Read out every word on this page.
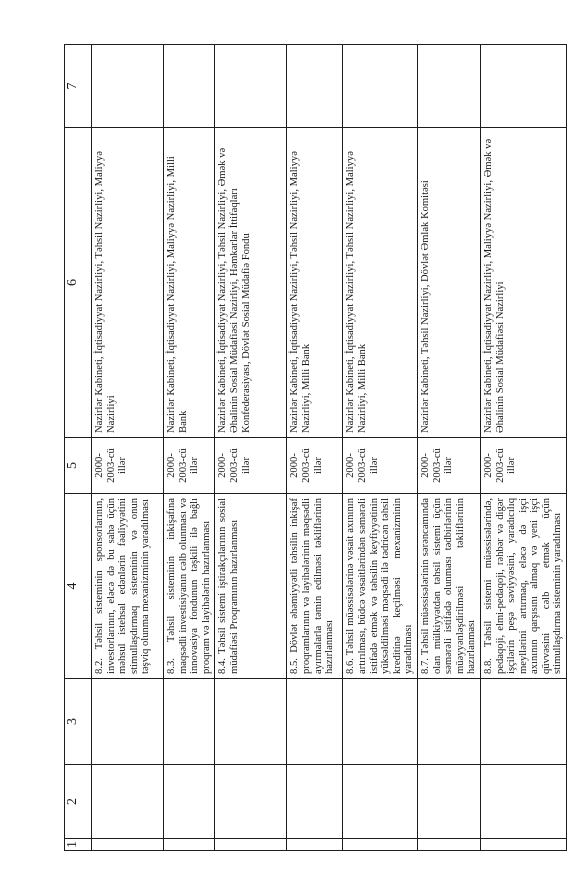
1	2	3	4	5	6	7
			8.2. Təhsil sisteminin sponsorlarının, investorlarının, eləcə də bu sahə üçün məhsul istehsal edənlərin fəaliyyətini stimullaşdırmaq sisteminin və onun təşviq olunma mexanizminin yaradılması	2000-2003-cü illər	Nazirlər Kabineti, İqtisadiyyat Nazirliyi, Təhsil Nazirliyi, Maliyyə Nazirliyi	
			8.3. Təhsil sisteminin inkişafına maqsədli investisiyanın cəlb olunması və innovasiya fondunun təşkili ilə bağlı proqram və layihələrin hazırlanması	2000-2003-cü illər	Nazirlər Kabineti, İqtisadiyyat Nazirliyi, Maliyyə Nazirliyi, Milli Bank	
			8.4. Təhsil sistemi iştirakçılarının sosial müdafiəsi Proqramının hazırlanması	2000-2003-cü illər	Nazirlər Kabineti, İqtisadiyyat Nazirliyi, Təhsil Nazirliyi, Əmək və Əhalinin Sosial Müdafiəsi Nazirliyi, Həmkarlar İttifaqları Konfederasiyası, Dövlət Sosial Müdafiə Fondu	
			8.5. Dövlət əhəmiyyətli təhsilin inkişaf proqramlarının və layihələrinin məqsədli ayırmalarla təmin edilməsi təkliflərinin hazırlanması	2000-2003-cü illər	Nazirlər Kabineti, İqtisadiyyat Nazirliyi, Təhsil Nazirliyi, Maliyyə Nazirliyi, Milli Bank	
			8.6. Təhsil müəssisələrinə vəsait axınının artırılması, büdcə vəsaitlərindən səmərəli istifadə etmək və təhsilin keyfiyyətinin yüksəldilməsi məqsədi ilə tədricən təhsil kreditinə keçilməsi mexanizminin yaradılması	2000-2003-cü illər	Nazirlər Kabineti, İqtisadiyyat Nazirliyi, Təhsil Nazirliyi, Maliyyə Nazirliyi, Milli Bank	
			8.7. Təhsil müəssisələrinin sərəncamında olan mülkiyyətdən təhsil sistemi üçün səmərəli istifadə olunması tədbirlərinin müəyyənləşdirilməsi təkliflərinin hazırlanması	2000-2003-cü illər	Nazirlər Kabineti, Təhsil Nazirliyi, Dövlət Əmlak Komitəsi	
			8.8. Təhsil sistemi müəssisələrində, pedaqoji, elmi-pedaqoji, rəhbər və digər işçilərin peşə səviyyəsini, yaradıcılıq meyllərini artırmaq, eləcə də işçi axınının qarşısını almaq və yeni işçi qüvvəsini cəlb etmək üçün stimullaşdırma sisteminin yaradılması	2000-2003-cü illər	Nazirlər Kabineti, İqtisadiyyat Nazirliyi, Maliyyə Nazirliyi, Əmək və Əhalinin Sosial Müdafiəsi Nazirliyi	
